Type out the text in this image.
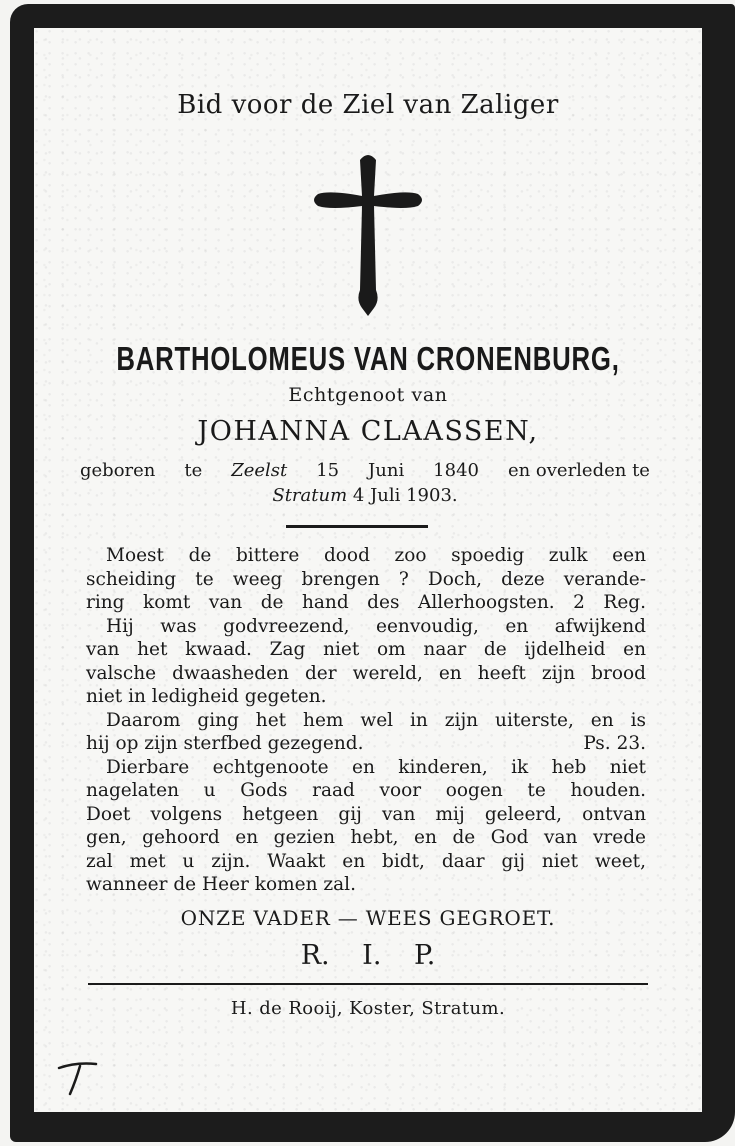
Bid voor de Ziel van Zaliger
BARTHOLOMEUS VAN CRONENBURG,
Echtgenoot van
JOHANNA CLAASSEN,
geboren te Zeelst 15 Juni 1840 en overleden te
Stratum 4 Juli 1903.
Moest de bittere dood zoo spoedig zulk een
scheiding te weeg brengen ? Doch, deze verande-
ring komt van de hand des Allerhoogsten. 2 Reg.
Hij was godvreezend, eenvoudig, en afwijkend
van het kwaad. Zag niet om naar de ijdelheid en
valsche dwaasheden der wereld, en heeft zijn brood
niet in ledigheid gegeten.
Daarom ging het hem wel in zijn uiterste, en is
hij op zijn sterfbed gezegend.	Ps. 23.
Dierbare echtgenoote en kinderen, ik heb niet
nagelaten u Gods raad voor oogen te houden.
Doet volgens hetgeen gij van mij geleerd, ontvan
gen, gehoord en gezien hebt, en de God van vrede
zal met u zijn. Waakt en bidt, daar gij niet weet,
wanneer de Heer komen zal.
ONZE VADER — WEES GEGROET.
R. I. P.
H. de Rooij, Koster, Stratum.
